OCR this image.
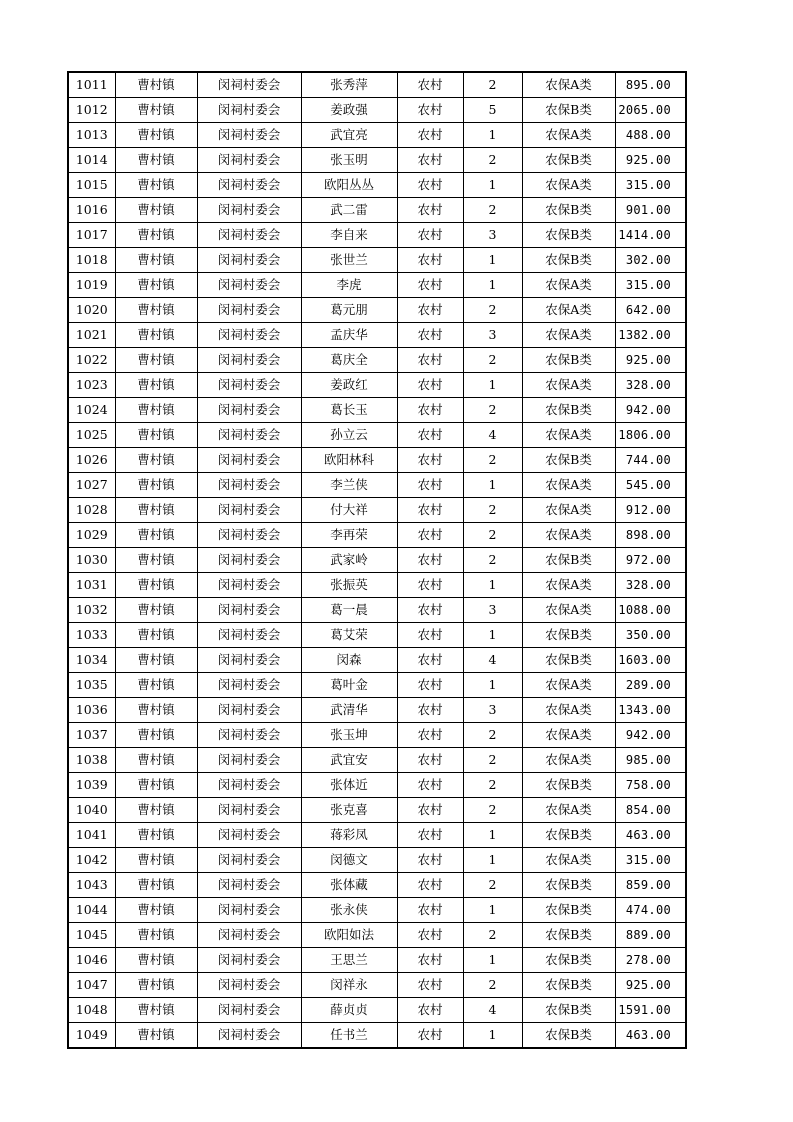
1011	曹村镇	闵祠村委会	张秀萍	农村	2	农保A类	895.00
1012	曹村镇	闵祠村委会	姜政强	农村	5	农保B类	2065.00
1013	曹村镇	闵祠村委会	武宜亮	农村	1	农保A类	488.00
1014	曹村镇	闵祠村委会	张玉明	农村	2	农保B类	925.00
1015	曹村镇	闵祠村委会	欧阳丛丛	农村	1	农保A类	315.00
1016	曹村镇	闵祠村委会	武二雷	农村	2	农保B类	901.00
1017	曹村镇	闵祠村委会	李自来	农村	3	农保B类	1414.00
1018	曹村镇	闵祠村委会	张世兰	农村	1	农保B类	302.00
1019	曹村镇	闵祠村委会	李虎	农村	1	农保A类	315.00
1020	曹村镇	闵祠村委会	葛元朋	农村	2	农保A类	642.00
1021	曹村镇	闵祠村委会	孟庆华	农村	3	农保A类	1382.00
1022	曹村镇	闵祠村委会	葛庆全	农村	2	农保B类	925.00
1023	曹村镇	闵祠村委会	姜政红	农村	1	农保A类	328.00
1024	曹村镇	闵祠村委会	葛长玉	农村	2	农保B类	942.00
1025	曹村镇	闵祠村委会	孙立云	农村	4	农保A类	1806.00
1026	曹村镇	闵祠村委会	欧阳林科	农村	2	农保B类	744.00
1027	曹村镇	闵祠村委会	李兰侠	农村	1	农保A类	545.00
1028	曹村镇	闵祠村委会	付大祥	农村	2	农保A类	912.00
1029	曹村镇	闵祠村委会	李再荣	农村	2	农保A类	898.00
1030	曹村镇	闵祠村委会	武家岭	农村	2	农保B类	972.00
1031	曹村镇	闵祠村委会	张振英	农村	1	农保A类	328.00
1032	曹村镇	闵祠村委会	葛一晨	农村	3	农保A类	1088.00
1033	曹村镇	闵祠村委会	葛艾荣	农村	1	农保B类	350.00
1034	曹村镇	闵祠村委会	闵森	农村	4	农保B类	1603.00
1035	曹村镇	闵祠村委会	葛叶金	农村	1	农保A类	289.00
1036	曹村镇	闵祠村委会	武清华	农村	3	农保A类	1343.00
1037	曹村镇	闵祠村委会	张玉坤	农村	2	农保A类	942.00
1038	曹村镇	闵祠村委会	武宜安	农村	2	农保A类	985.00
1039	曹村镇	闵祠村委会	张体近	农村	2	农保B类	758.00
1040	曹村镇	闵祠村委会	张克喜	农村	2	农保A类	854.00
1041	曹村镇	闵祠村委会	蒋彩凤	农村	1	农保B类	463.00
1042	曹村镇	闵祠村委会	闵德文	农村	1	农保A类	315.00
1043	曹村镇	闵祠村委会	张体藏	农村	2	农保B类	859.00
1044	曹村镇	闵祠村委会	张永侠	农村	1	农保B类	474.00
1045	曹村镇	闵祠村委会	欧阳如法	农村	2	农保B类	889.00
1046	曹村镇	闵祠村委会	王思兰	农村	1	农保B类	278.00
1047	曹村镇	闵祠村委会	闵祥永	农村	2	农保B类	925.00
1048	曹村镇	闵祠村委会	薛贞贞	农村	4	农保B类	1591.00
1049	曹村镇	闵祠村委会	任书兰	农村	1	农保B类	463.00
